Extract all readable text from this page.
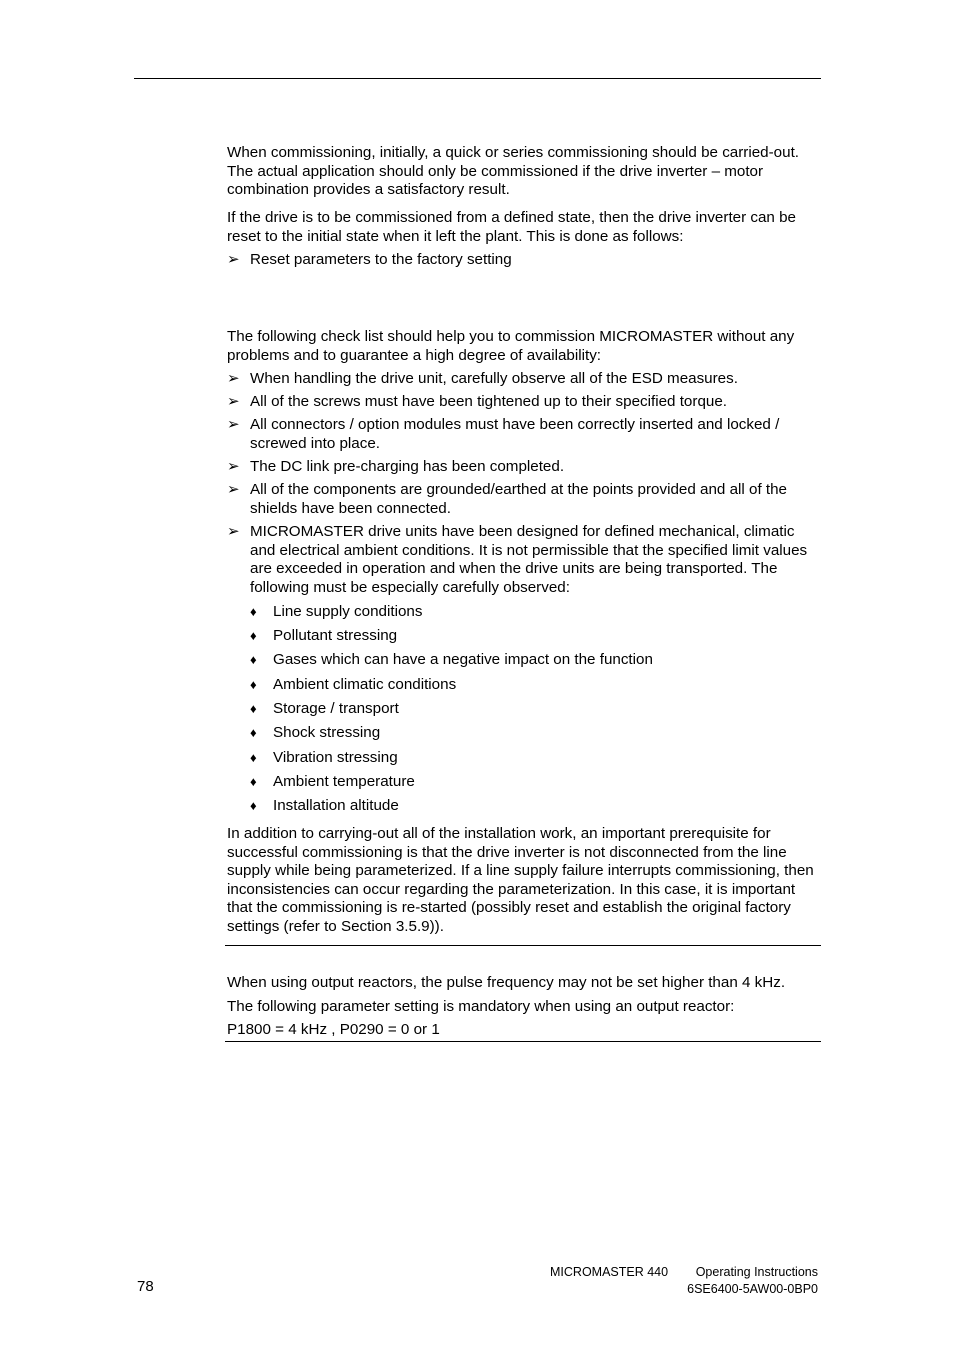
When commissioning, initially, a quick or series commissioning should be carried-out. The actual application should only be commissioned if the drive inverter – motor combination provides a satisfactory result.
If the drive is to be commissioned from a defined state, then the drive inverter can be reset to the initial state when it left the plant. This is done as follows:
➢ Reset parameters to the factory setting
The following check list should help you to commission MICROMASTER without any problems and to guarantee a high degree of availability:
➢ When handling the drive unit, carefully observe all of the ESD measures.
➢ All of the screws must have been tightened up to their specified torque.
➢ All connectors / option modules must have been correctly inserted and locked / screwed into place.
➢ The DC link pre-charging has been completed.
➢ All of the components are grounded/earthed at the points provided and all of the shields have been connected.
➢ MICROMASTER drive units have been designed for defined mechanical, climatic and electrical ambient conditions. It is not permissible that the specified limit values are exceeded in operation and when the drive units are being transported. The following must be especially carefully observed:
♦ Line supply conditions
♦ Pollutant stressing
♦ Gases which can have a negative impact on the function
♦ Ambient climatic conditions
♦ Storage / transport
♦ Shock stressing
♦ Vibration stressing
♦ Ambient temperature
♦ Installation altitude
In addition to carrying-out all of the installation work, an important prerequisite for successful commissioning is that the drive inverter is not disconnected from the line supply while being parameterized. If a line supply failure interrupts commissioning, then inconsistencies can occur regarding the parameterization. In this case, it is important that the commissioning is re-started (possibly reset and establish the original factory settings (refer to Section 3.5.9)).
When using output reactors, the pulse frequency may not be set higher than 4 kHz.
The following parameter setting is mandatory when using an output reactor:
P1800 = 4 kHz , P0290 = 0 or 1
78
MICROMASTER 440 Operating Instructions
6SE6400-5AW00-0BP0
